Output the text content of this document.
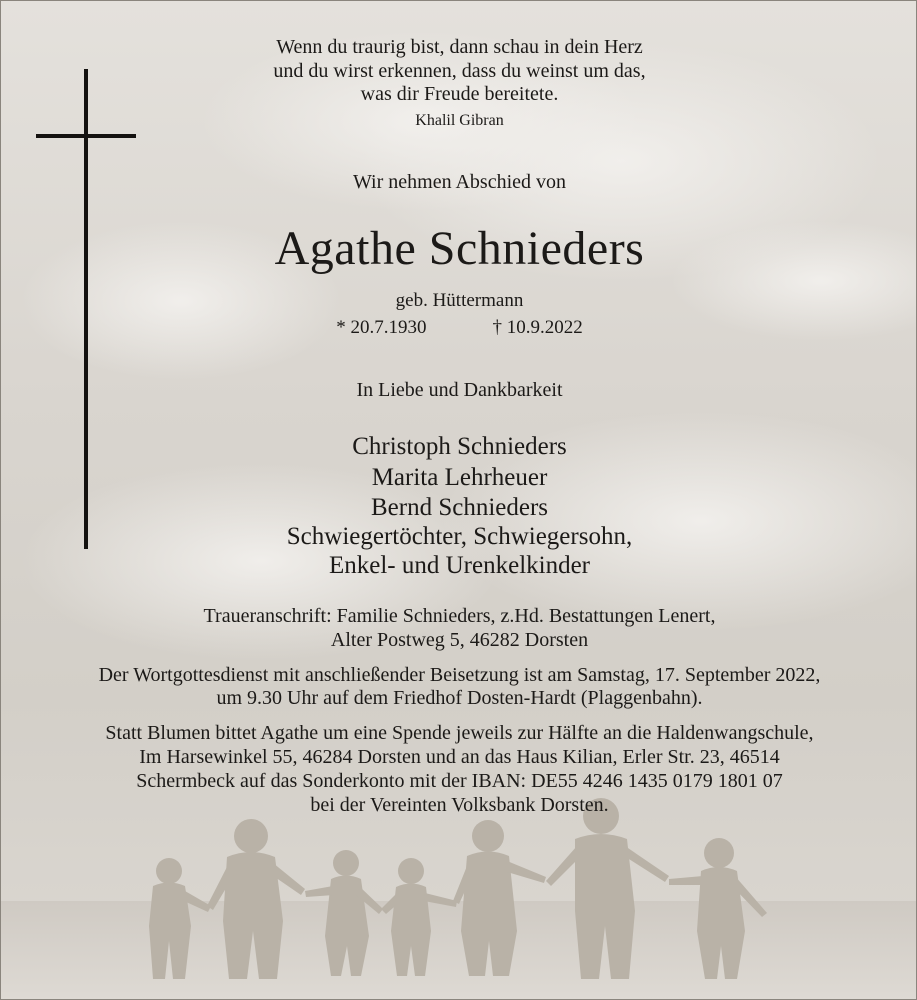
Wenn du traurig bist, dann schau in dein Herz
und du wirst erkennen, dass du weinst um das,
was dir Freude bereitete.
Khalil Gibran
Wir nehmen Abschied von
Agathe Schnieders
geb. Hüttermann
* 20.7.1930	† 10.9.2022
In Liebe und Dankbarkeit
Christoph Schnieders
Marita Lehrheuer
Bernd Schnieders
Schwiegertöchter, Schwiegersohn,
Enkel- und Urenkelkinder
Traueranschrift: Familie Schnieders, z.Hd. Bestattungen Lenert,
Alter Postweg 5, 46282 Dorsten
Der Wortgottesdienst mit anschließender Beisetzung ist am Samstag, 17. September 2022,
um 9.30 Uhr auf dem Friedhof Dosten-Hardt (Plaggenbahn).
Statt Blumen bittet Agathe um eine Spende jeweils zur Hälfte an die Haldenwangschule,
Im Harsewinkel 55, 46284 Dorsten und an das Haus Kilian, Erler Str. 23, 46514
Schermbeck auf das Sonderkonto mit der IBAN: DE55 4246 1435 0179 1801 07
bei der Vereinten Volksbank Dorsten.
